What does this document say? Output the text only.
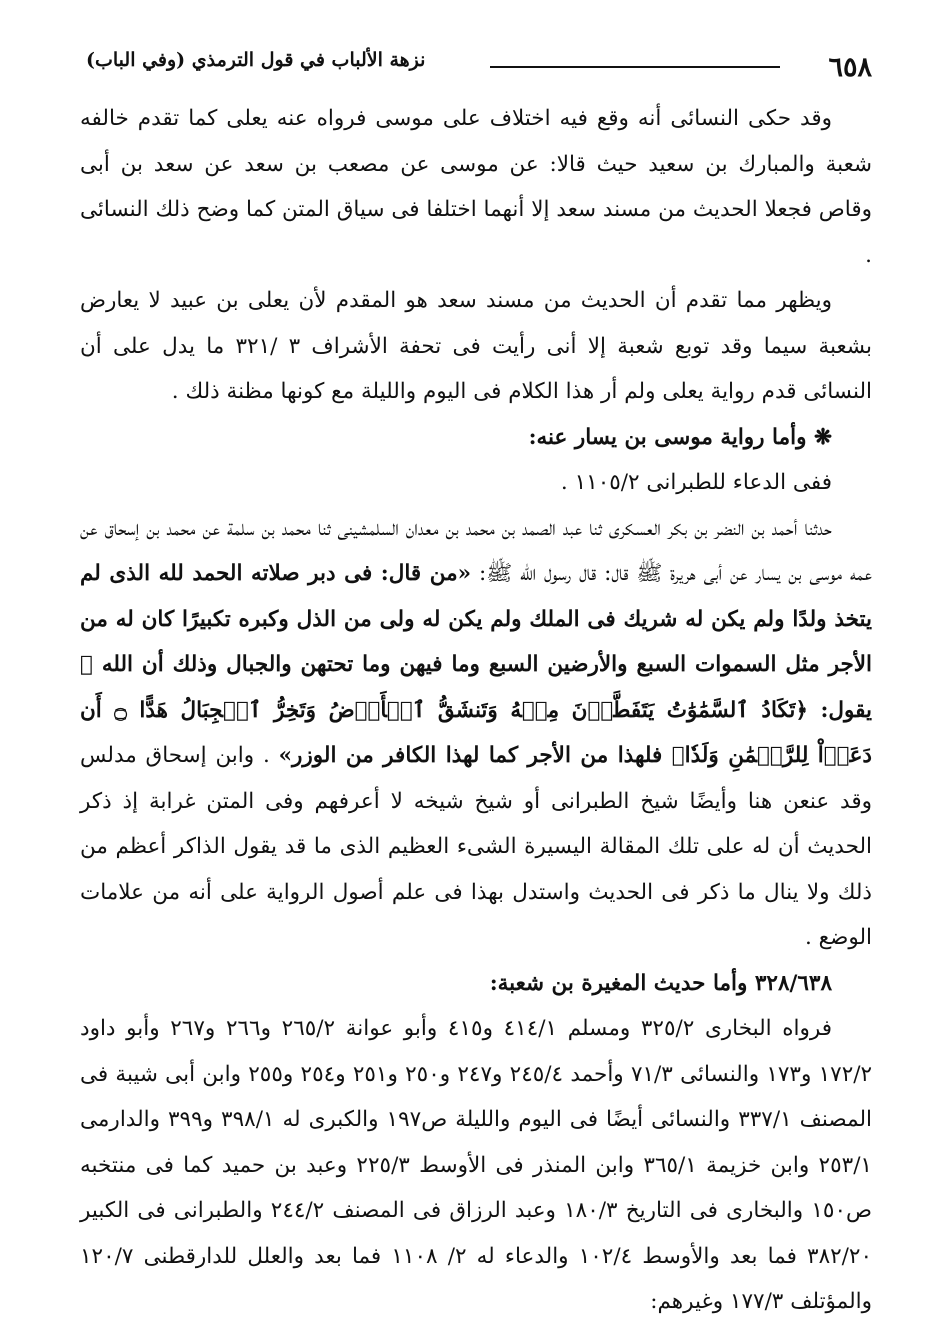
٦٥٨
نزهة الألباب في قول الترمذي (وفي الباب)

وقد حكى النسائى أنه وقع فيه اختلاف على موسى فرواه عنه يعلى كما تقدم خالفه شعبة والمبارك بن سعيد حيث قالا: عن موسى عن مصعب بن سعد عن سعد بن أبى وقاص فجعلا الحديث من مسند سعد إلا أنهما اختلفا فى سياق المتن كما وضح ذلك النسائى .

ويظهر مما تقدم أن الحديث من مسند سعد هو المقدم لأن يعلى بن عبيد لا يعارض بشعبة سيما وقد توبع شعبة إلا أنى رأيت فى تحفة الأشراف ٣ /٣٢١ ما يدل على أن النسائى قدم رواية يعلى ولم أر هذا الكلام فى اليوم والليلة مع كونها مظنة ذلك .

❋ وأما رواية موسى بن يسار عنه:

ففى الدعاء للطبرانى ١١٠٥/٢ .

حدثنا أحمد بن النضر بن بكر العسكرى ثنا عبد الصمد بن محمد بن معدان السلمشينى ثنا محمد بن سلمة عن محمد بن إسحاق عن عمه موسى بن يسار عن أبى هريرة ﷺ قال: قال رسول الله ﷺ: «من قال: فى دبر صلاته الحمد لله الذى لم يتخذ ولدًا ولم يكن له شريك فى الملك ولم يكن له ولى من الذل وكبره تكبيرًا كان له من الأجر مثل السموات السبع والأرضين السبع وما فيهن وما تحتهن والجبال وذلك أن الله ﷻ يقول: ﴿تَكَادُ ٱلسَّمَٰوَٰتُ يَتَفَطَّرۡنَ مِنۡهُ وَتَنشَقُّ ٱلۡأَرۡضُ وَتَخِرُّ ٱلۡجِبَالُ هَدًّا ۝ أَن دَعَوۡاْ لِلرَّحۡمَٰنِ وَلَدٗا﴾ فلهذا من الأجر كما لهذا الكافر من الوزر» . وابن إسحاق مدلس وقد عنعن هنا وأيضًا شيخ الطبرانى أو شيخ شيخه لا أعرفهم وفى المتن غرابة إذ ذكر الحديث أن له على تلك المقالة اليسيرة الشىء العظيم الذى ما قد يقول الذاكر أعظم من ذلك ولا ينال ما ذكر فى الحديث واستدل بهذا فى علم أصول الرواية على أنه من علامات الوضع .

٣٢٨/٦٣٨ وأما حديث المغيرة بن شعبة:

فرواه البخارى ٣٢٥/٢ ومسلم ٤١٤/١ و٤١٥ وأبو عوانة ٢٦٥/٢ و٢٦٦ و٢٦٧ وأبو داود ١٧٢/٢ و١٧٣ والنسائى ٧١/٣ وأحمد ٢٤٥/٤ و٢٤٧ و٢٥٠ و٢٥١ و٢٥٤ و٢٥٥ وابن أبى شيبة فى المصنف ٣٣٧/١ والنسائى أيضًا فى اليوم والليلة ص١٩٧ والكبرى له ٣٩٨/١ و٣٩٩ والدارمى ٢٥٣/١ وابن خزيمة ٣٦٥/١ وابن المنذر فى الأوسط ٢٢٥/٣ وعبد بن حميد كما فى منتخبه ص١٥٠ والبخارى فى التاريخ ١٨٠/٣ وعبد الرزاق فى المصنف ٢٤٤/٢ والطبرانى فى الكبير ٣٨٢/٢٠ فما بعد والأوسط ١٠٢/٤ والدعاء له ٢/ ١١٠٨ فما بعد والعلل للدارقطنى ١٢٠/٧ والمؤتلف ١٧٧/٣ وغيرهم:
